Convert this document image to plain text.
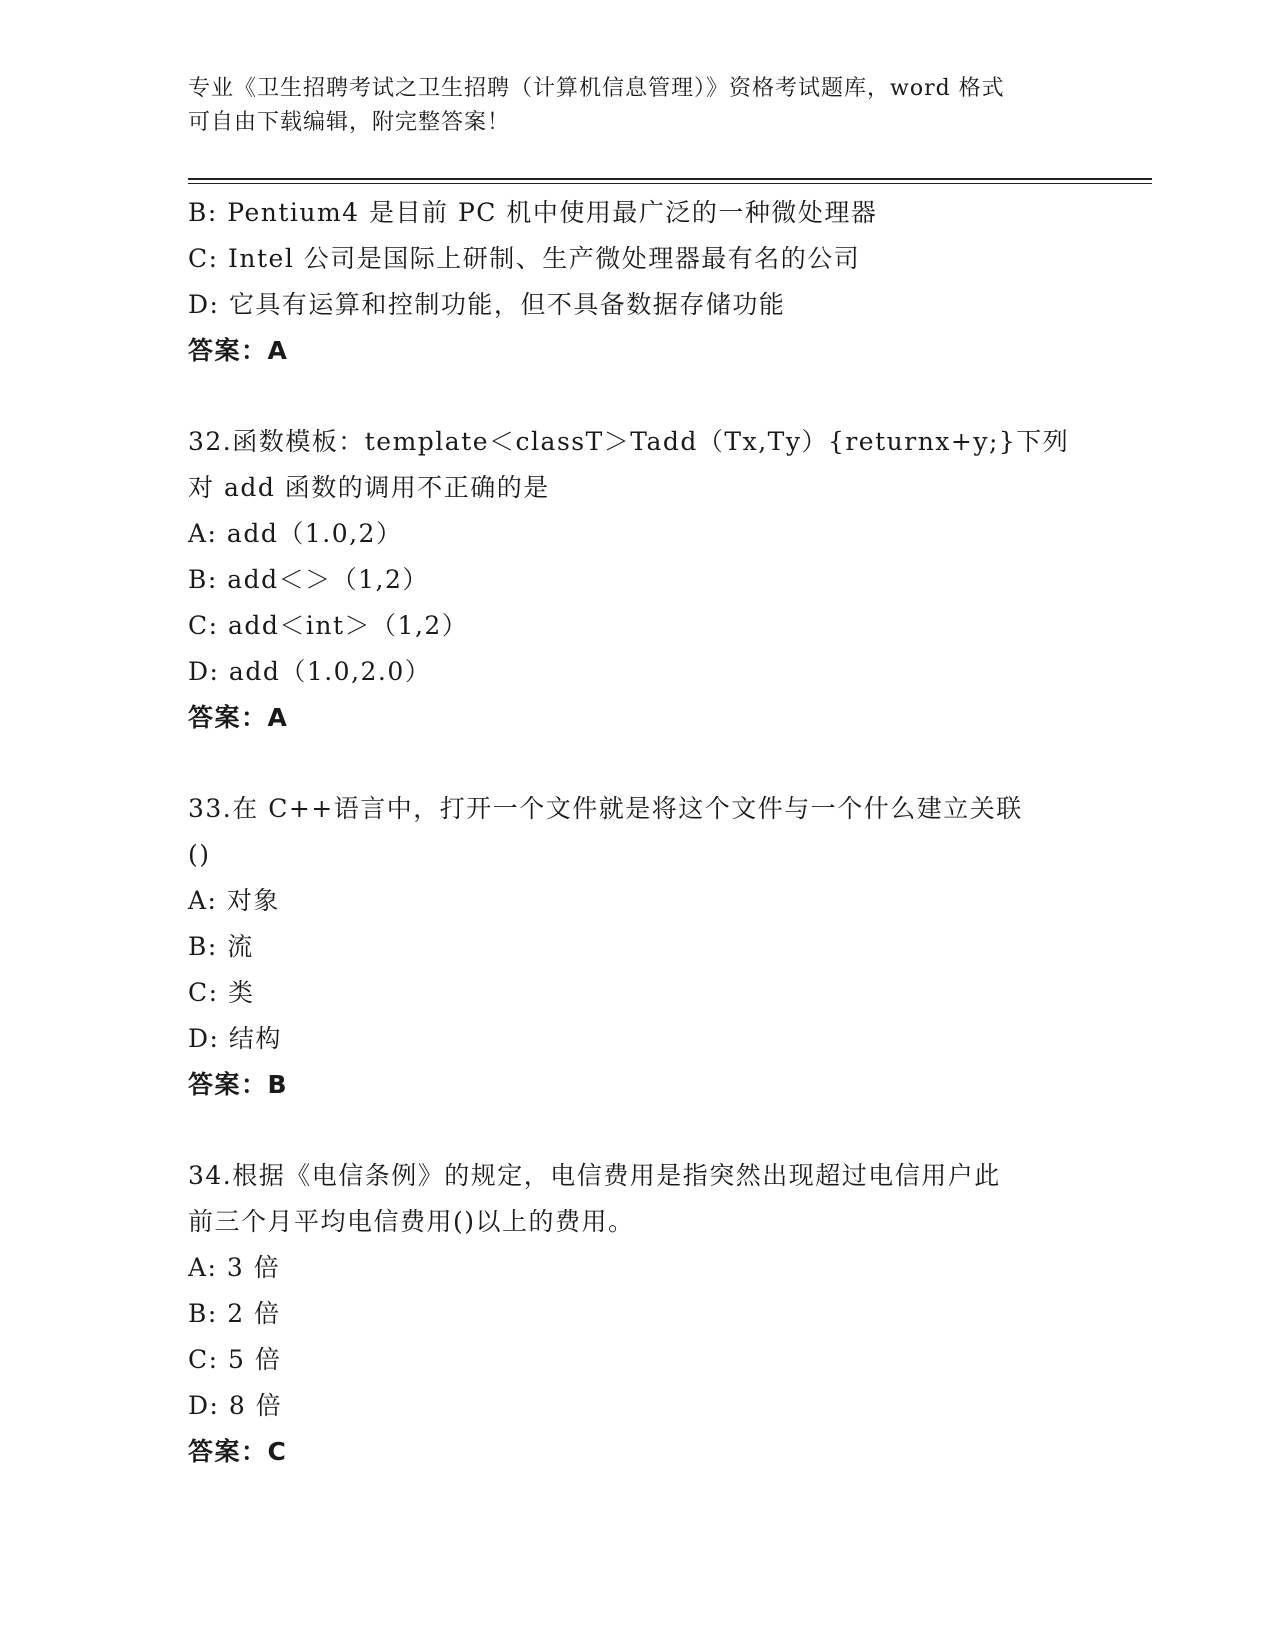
专业《卫生招聘考试之卫生招聘（计算机信息管理）》资格考试题库，word 格式
可自由下载编辑，附完整答案！
B: Pentium4 是目前 PC 机中使用最广泛的一种微处理器
C: Intel 公司是国际上研制、生产微处理器最有名的公司
D: 它具有运算和控制功能，但不具备数据存储功能
答案：A
32.函数模板：template＜classT＞Tadd（Tx,Ty）{returnx+y;}下列
对 add 函数的调用不正确的是
A: add（1.0,2）
B: add＜＞（1,2）
C: add＜int＞（1,2）
D: add（1.0,2.0）
答案：A
33.在 C++语言中，打开一个文件就是将这个文件与一个什么建立关联
()
A: 对象
B: 流
C: 类
D: 结构
答案：B
34.根据《电信条例》的规定，电信费用是指突然出现超过电信用户此
前三个月平均电信费用()以上的费用。
A: 3 倍
B: 2 倍
C: 5 倍
D: 8 倍
答案：C
